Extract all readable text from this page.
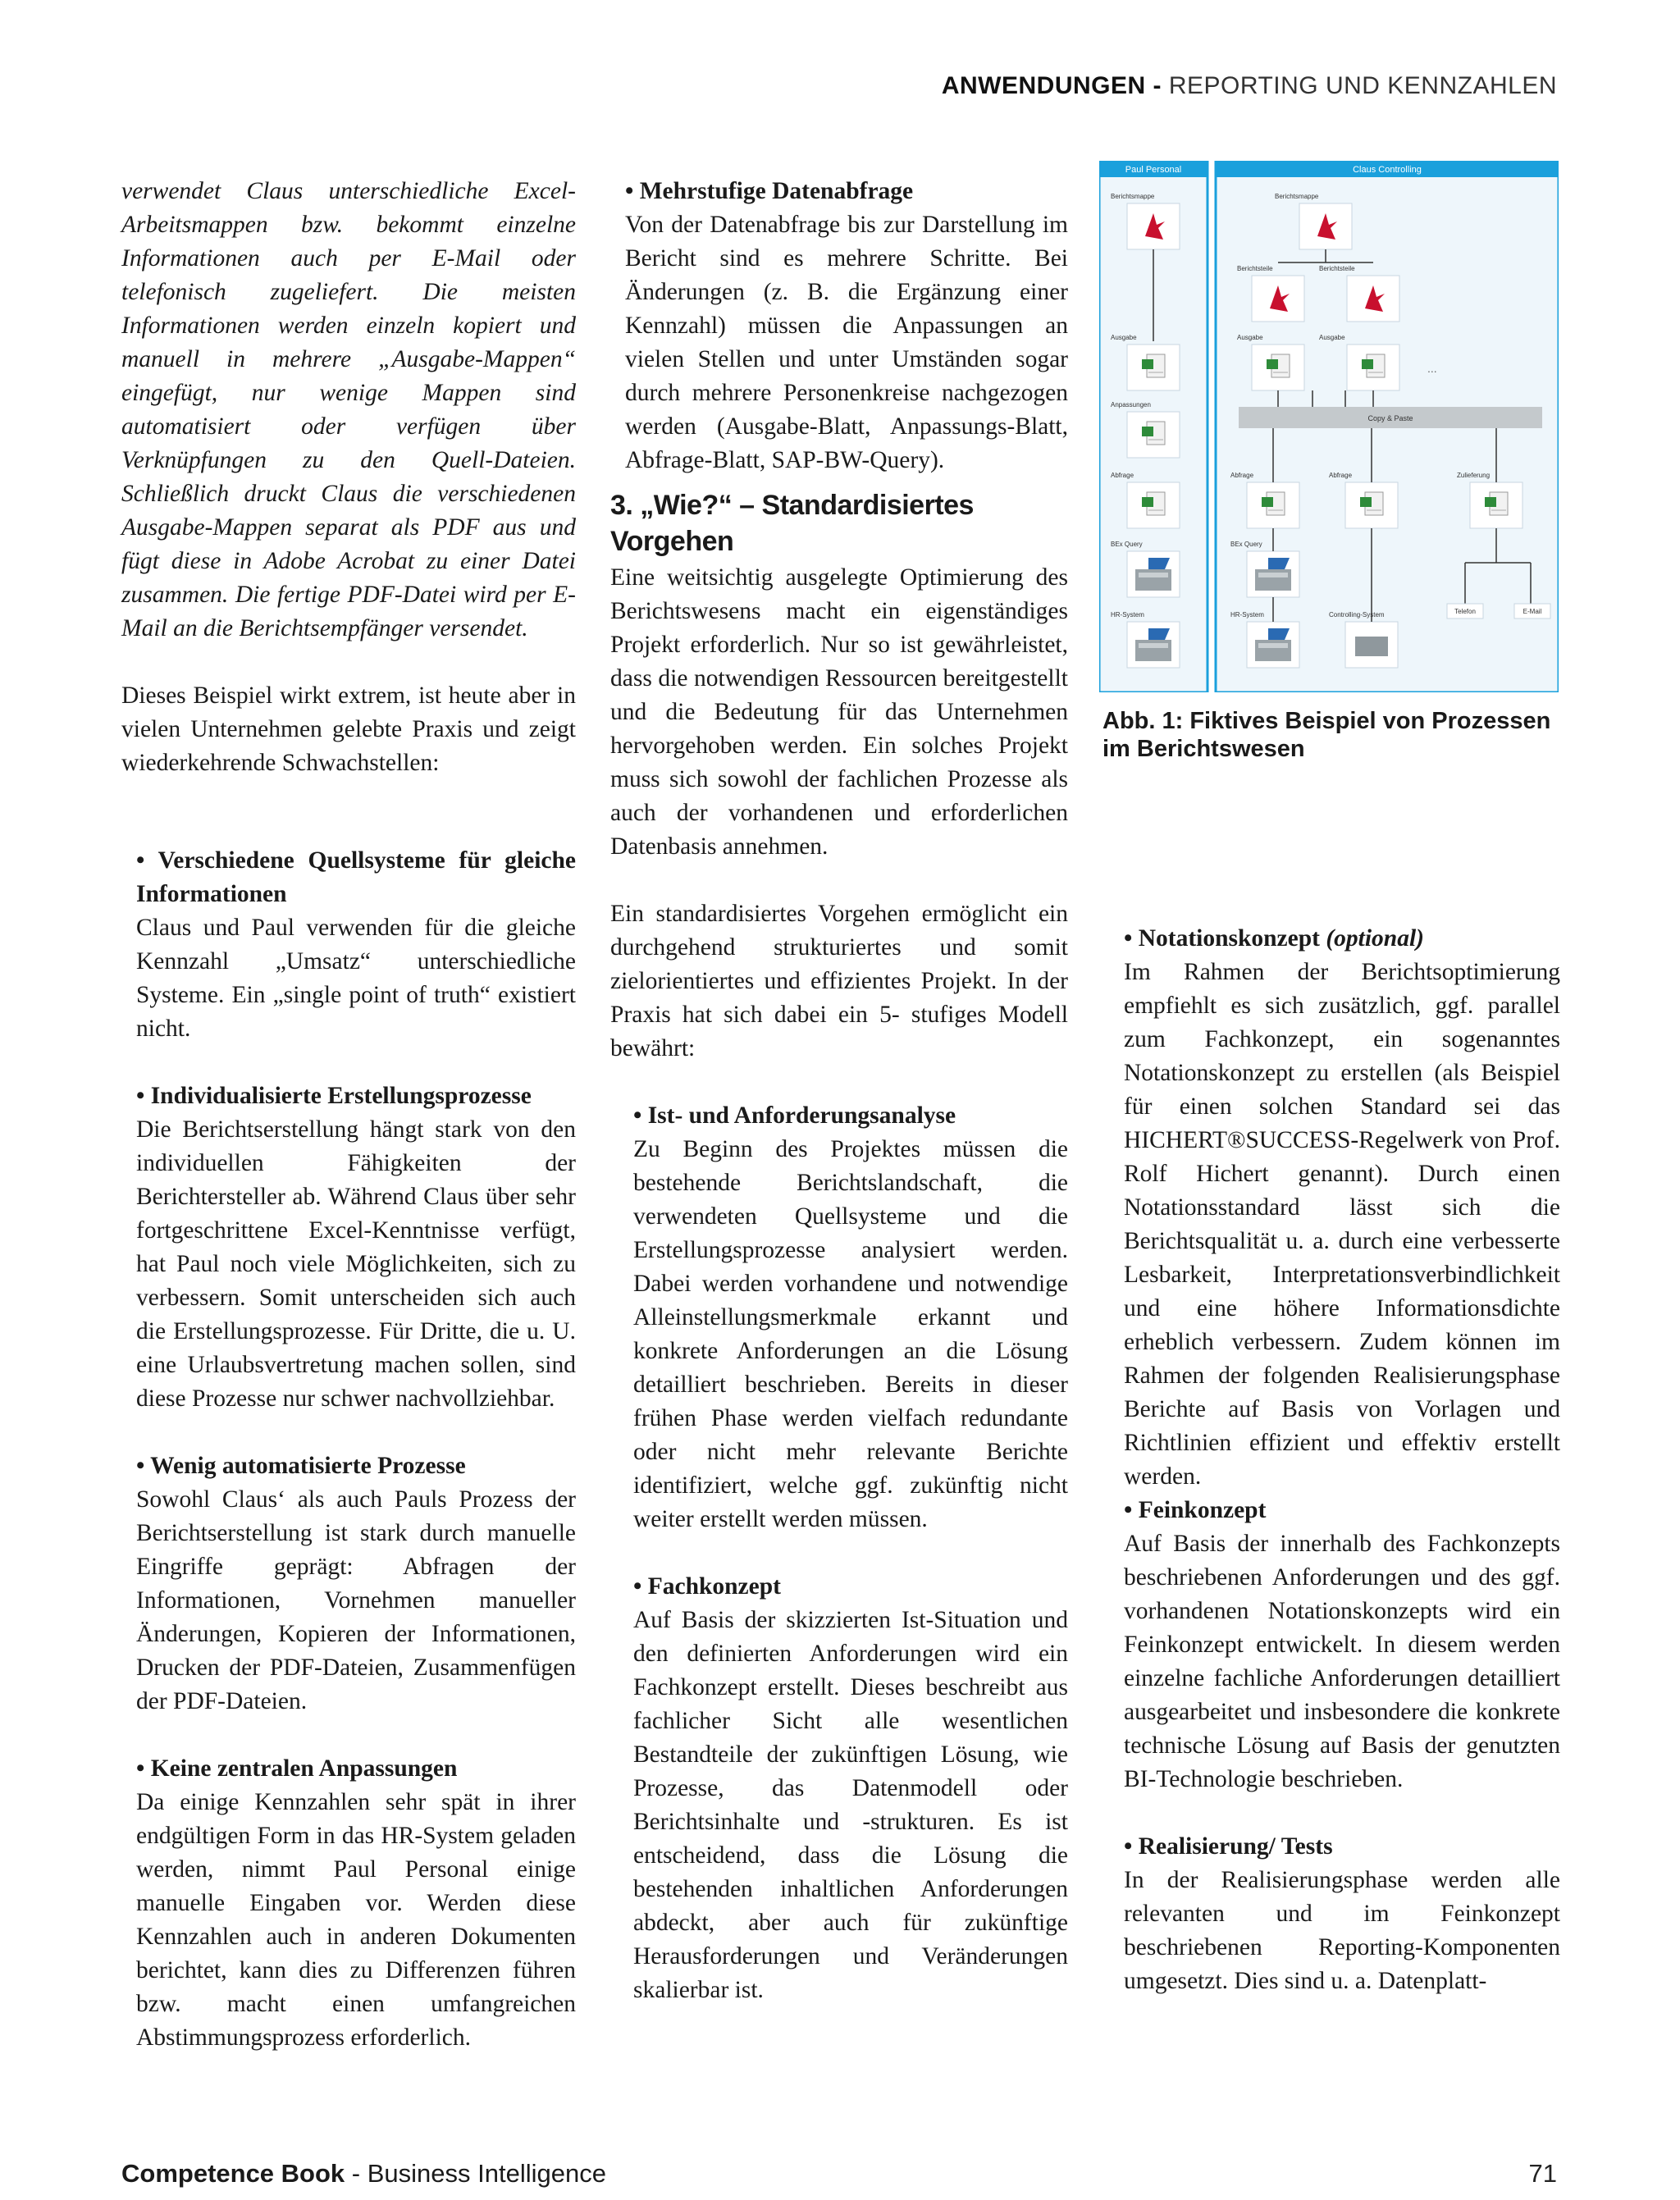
ANWENDUNGEN - REPORTING UND KENNZAHLEN

verwendet Claus unterschiedliche Excel-Arbeitsmappen bzw. bekommt einzelne Informationen auch per E-Mail oder telefonisch zugeliefert. Die meisten Informationen werden einzeln kopiert und manuell in mehrere „Ausgabe-Mappen“ eingefügt, nur wenige Mappen sind automatisiert oder verfügen über Verknüpfungen zu den Quell-Dateien. Schließlich druckt Claus die verschiedenen Ausgabe-Mappen separat als PDF aus und fügt diese in Adobe Acrobat zu einer Datei zusammen. Die fertige PDF-Datei wird per E-Mail an die Berichtsempfänger versendet.

Dieses Beispiel wirkt extrem, ist heute aber in vielen Unternehmen gelebte Praxis und zeigt wiederkehrende Schwachstellen:

• Verschiedene Quellsysteme für gleiche Informationen

Claus und Paul verwenden für die gleiche Kennzahl „Umsatz“ unterschiedliche Systeme. Ein „single point of truth“ existiert nicht.

• Individualisierte Erstellungsprozesse

Die Berichtserstellung hängt stark von den individuellen Fähigkeiten der Berichtersteller ab. Während Claus über sehr fortgeschrittene Excel-Kenntnisse verfügt, hat Paul noch viele Möglichkeiten, sich zu verbessern. Somit unterscheiden sich auch die Erstellungsprozesse. Für Dritte, die u. U. eine Urlaubsvertretung machen sollen, sind diese Prozesse nur schwer nachvollziehbar.

• Wenig automatisierte Prozesse

Sowohl Claus‘ als auch Pauls Prozess der Berichtserstellung ist stark durch manuelle Eingriffe geprägt: Abfragen der Informationen, Vornehmen manueller Änderungen, Kopieren der Informationen, Drucken der PDF-Dateien, Zusammenfügen der PDF-Dateien.

• Keine zentralen Anpassungen

Da einige Kennzahlen sehr spät in ihrer endgültigen Form in das HR-System geladen werden, nimmt Paul Personal einige manuelle Eingaben vor. Werden diese Kennzahlen auch in anderen Dokumenten berichtet, kann dies zu Differenzen führen bzw. macht einen umfangreichen Abstimmungsprozess erforderlich.

• Mehrstufige Datenabfrage

Von der Datenabfrage bis zur Darstellung im Bericht sind es mehrere Schritte. Bei Änderungen (z. B. die Ergänzung einer Kennzahl) müssen die Anpassungen an vielen Stellen und unter Umständen sogar durch mehrere Personenkreise nachgezogen werden (Ausgabe-Blatt, Anpassungs-Blatt, Abfrage-Blatt, SAP-BW-Query).

3. „Wie?“ – Standardisiertes Vorgehen

Eine weitsichtig ausgelegte Optimierung des Berichtswesens macht ein eigenständiges Projekt erforderlich. Nur so ist gewährleistet, dass die notwendigen Ressourcen bereitgestellt und die Bedeutung für das Unternehmen hervorgehoben werden. Ein solches Projekt muss sich sowohl der fachlichen Prozesse als auch der vorhandenen und erforderlichen Datenbasis annehmen.

Ein standardisiertes Vorgehen ermöglicht ein durchgehend strukturiertes und somit zielorientiertes und effizientes Projekt. In der Praxis hat sich dabei ein 5- stufiges Modell bewährt:

• Ist- und Anforderungsanalyse

Zu Beginn des Projektes müssen die bestehende Berichtslandschaft, die verwendeten Quellsysteme und die Erstellungsprozesse analysiert werden. Dabei werden vorhandene und notwendige Alleinstellungsmerkmale erkannt und konkrete Anforderungen an die Lösung detailliert beschrieben. Bereits in dieser frühen Phase werden vielfach redundante oder nicht mehr relevante Berichte identifiziert, welche ggf. zukünftig nicht weiter erstellt werden müssen.

• Fachkonzept

Auf Basis der skizzierten Ist-Situation und den definierten Anforderungen wird ein Fachkonzept erstellt. Dieses beschreibt aus fachlicher Sicht alle wesentlichen Bestandteile der zukünftigen Lösung, wie Prozesse, das Datenmodell oder Berichtsinhalte und -strukturen. Es ist entscheidend, dass die Lösung die bestehenden inhaltlichen Anforderungen abdeckt, aber auch für zukünftige Herausforderungen und Veränderungen skalierbar ist.

• Notationskonzept (optional)

Im Rahmen der Berichtsoptimierung empfiehlt es sich zusätzlich, ggf. parallel zum Fachkonzept, ein sogenanntes Notationskonzept zu erstellen (als Beispiel für einen solchen Standard sei das HICHERT®SUCCESS-Regelwerk von Prof. Rolf Hichert genannt). Durch einen Notationsstandard lässt sich die Berichtsqualität u. a. durch eine verbesserte Lesbarkeit, Interpretationsverbindlichkeit und eine höhere Informationsdichte erheblich verbessern. Zudem können im Rahmen der folgenden Realisierungsphase Berichte auf Basis von Vorlagen und Richtlinien effizient und effektiv erstellt werden.

• Feinkonzept

Auf Basis der innerhalb des Fachkonzepts beschriebenen Anforderungen und des ggf. vorhandenen Notationskonzepts wird ein Feinkonzept entwickelt. In diesem werden einzelne fachliche Anforderungen detailliert ausgearbeitet und insbesondere die konkrete technische Lösung auf Basis der genutzten BI-Technologie beschrieben.

• Realisierung/ Tests

In der Realisierungsphase werden alle relevanten und im Feinkonzept beschriebenen Reporting-Komponenten umgesetzt. Dies sind u. a. Datenplatt-

Paul Personal	Claus Controlling
Berichtsmappe
Ausgabe
Anpassungen
Abfrage
BEx Query
HR-System
Berichtsmappe
Berichtsteile	Berichtsteile
Ausgabe	Ausgabe
...
Copy & Paste
Abfrage	Abfrage	Zulieferung
BEx Query
HR-System	Controlling-System	Telefon	E-Mail
Abb. 1: Fiktives Beispiel von Prozessen im Berichtswesen
Competence Book - Business Intelligence	71
